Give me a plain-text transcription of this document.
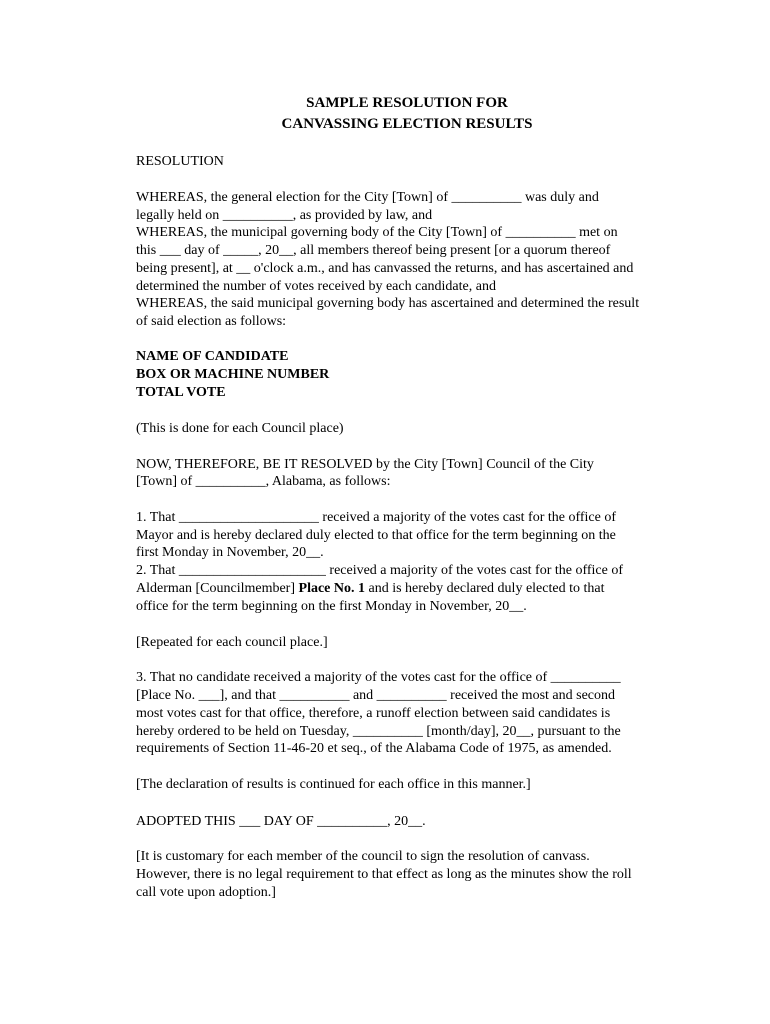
SAMPLE RESOLUTION FOR
CANVASSING ELECTION RESULTS
RESOLUTION
WHEREAS, the general election for the City [Town] of __________ was duly and
legally held on __________, as provided by law, and
WHEREAS, the municipal governing body of the City [Town] of __________ met on
this ___ day of _____, 20__, all members thereof being present [or a quorum thereof
being present], at __ o'clock a.m., and has canvassed the returns, and has ascertained and
determined the number of votes received by each candidate, and
WHEREAS, the said municipal governing body has ascertained and determined the result
of said election as follows:
NAME OF CANDIDATE
BOX OR MACHINE NUMBER
TOTAL VOTE
(This is done for each Council place)
NOW, THEREFORE, BE IT RESOLVED by the City [Town] Council of the City
[Town] of __________, Alabama, as follows:
1. That ____________________ received a majority of the votes cast for the office of
Mayor and is hereby declared duly elected to that office for the term beginning on the
first Monday in November, 20__.
2. That _____________________ received a majority of the votes cast for the office of
Alderman [Councilmember] Place No. 1 and is hereby declared duly elected to that
office for the term beginning on the first Monday in November, 20__.
[Repeated for each council place.]
3. That no candidate received a majority of the votes cast for the office of __________
[Place No. ___], and that __________ and __________ received the most and second
most votes cast for that office, therefore, a runoff election between said candidates is
hereby ordered to be held on Tuesday, __________ [month/day], 20__, pursuant to the
requirements of Section 11-46-20 et seq., of the Alabama Code of 1975, as amended.
[The declaration of results is continued for each office in this manner.]
ADOPTED THIS ___ DAY OF __________, 20__.
[It is customary for each member of the council to sign the resolution of canvass.
However, there is no legal requirement to that effect as long as the minutes show the roll
call vote upon adoption.]
